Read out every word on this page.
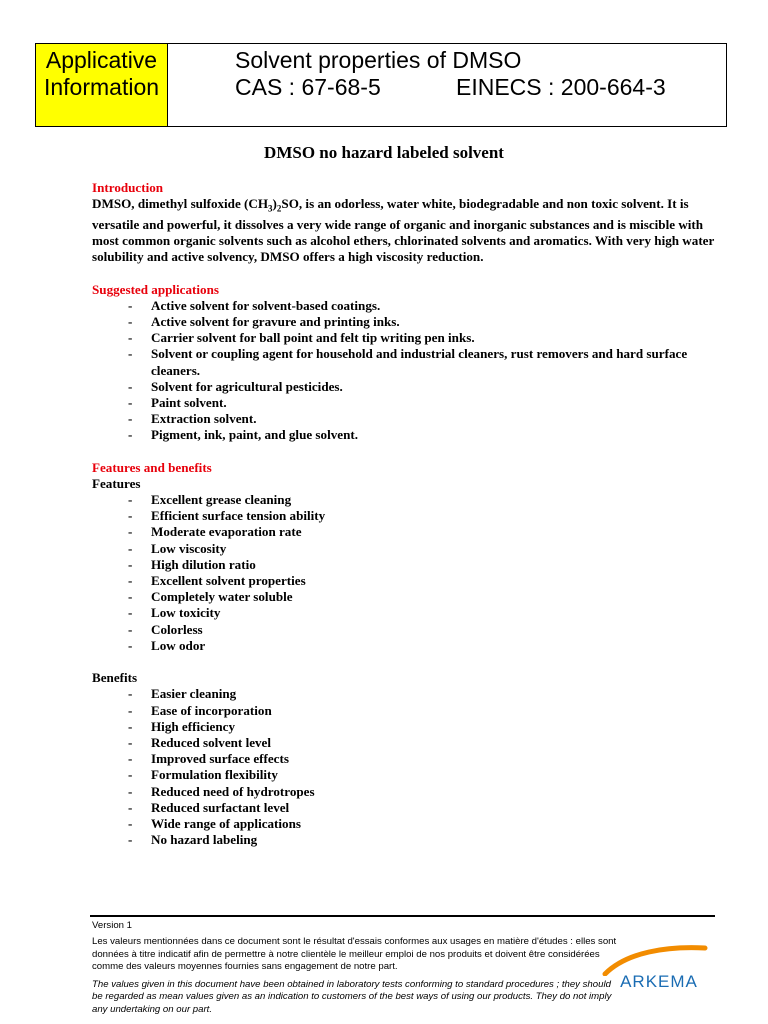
Applicative
Information
Solvent properties of DMSO
CAS : 67-68-5	EINECS : 200-664-3
DMSO no hazard labeled solvent
Introduction

DMSO, dimethyl sulfoxide $(CH_3)_2SO$, is an odorless, water white, biodegradable and non toxic solvent. It is versatile and powerful, it dissolves a very wide range of organic and inorganic substances and is miscible with most common organic solvents such as alcohol ethers, chlorinated solvents and aromatics. With very high water solubility and active solvency, DMSO offers a high viscosity reduction.

Suggested applications
- Active solvent for solvent-based coatings.
- Active solvent for gravure and printing inks.
- Carrier solvent for ball point and felt tip writing pen inks.
- Solvent or coupling agent for household and industrial cleaners, rust removers and hard surface cleaners.
- Solvent for agricultural pesticides.
- Paint solvent.
- Extraction solvent.
- Pigment, ink, paint, and glue solvent.
Features and benefits
Features
- Excellent grease cleaning
- Efficient surface tension ability
- Moderate evaporation rate
- Low viscosity
- High dilution ratio
- Excellent solvent properties
- Completely water soluble
- Low toxicity
- Colorless
- Low odor
Benefits
- Easier cleaning
- Ease of incorporation
- High efficiency
- Reduced solvent level
- Improved surface effects
- Formulation flexibility
- Reduced need of hydrotropes
- Reduced surfactant level
- Wide range of applications
- No hazard labeling
Version 1
Les valeurs mentionnées dans ce document sont le résultat d'essais conformes aux usages en matière d'études : elles sont données à titre indicatif afin de permettre à notre clientèle le meilleur emploi de nos produits et doivent être considérées comme des valeurs moyennes fournies sans engagement de notre part.
The values given in this document have been obtained in laboratory tests conforming to standard procedures ; they should be regarded as mean values given as an indication to customers of the best ways of using our products. They do not imply any undertaking on our part.
ARKEMA
